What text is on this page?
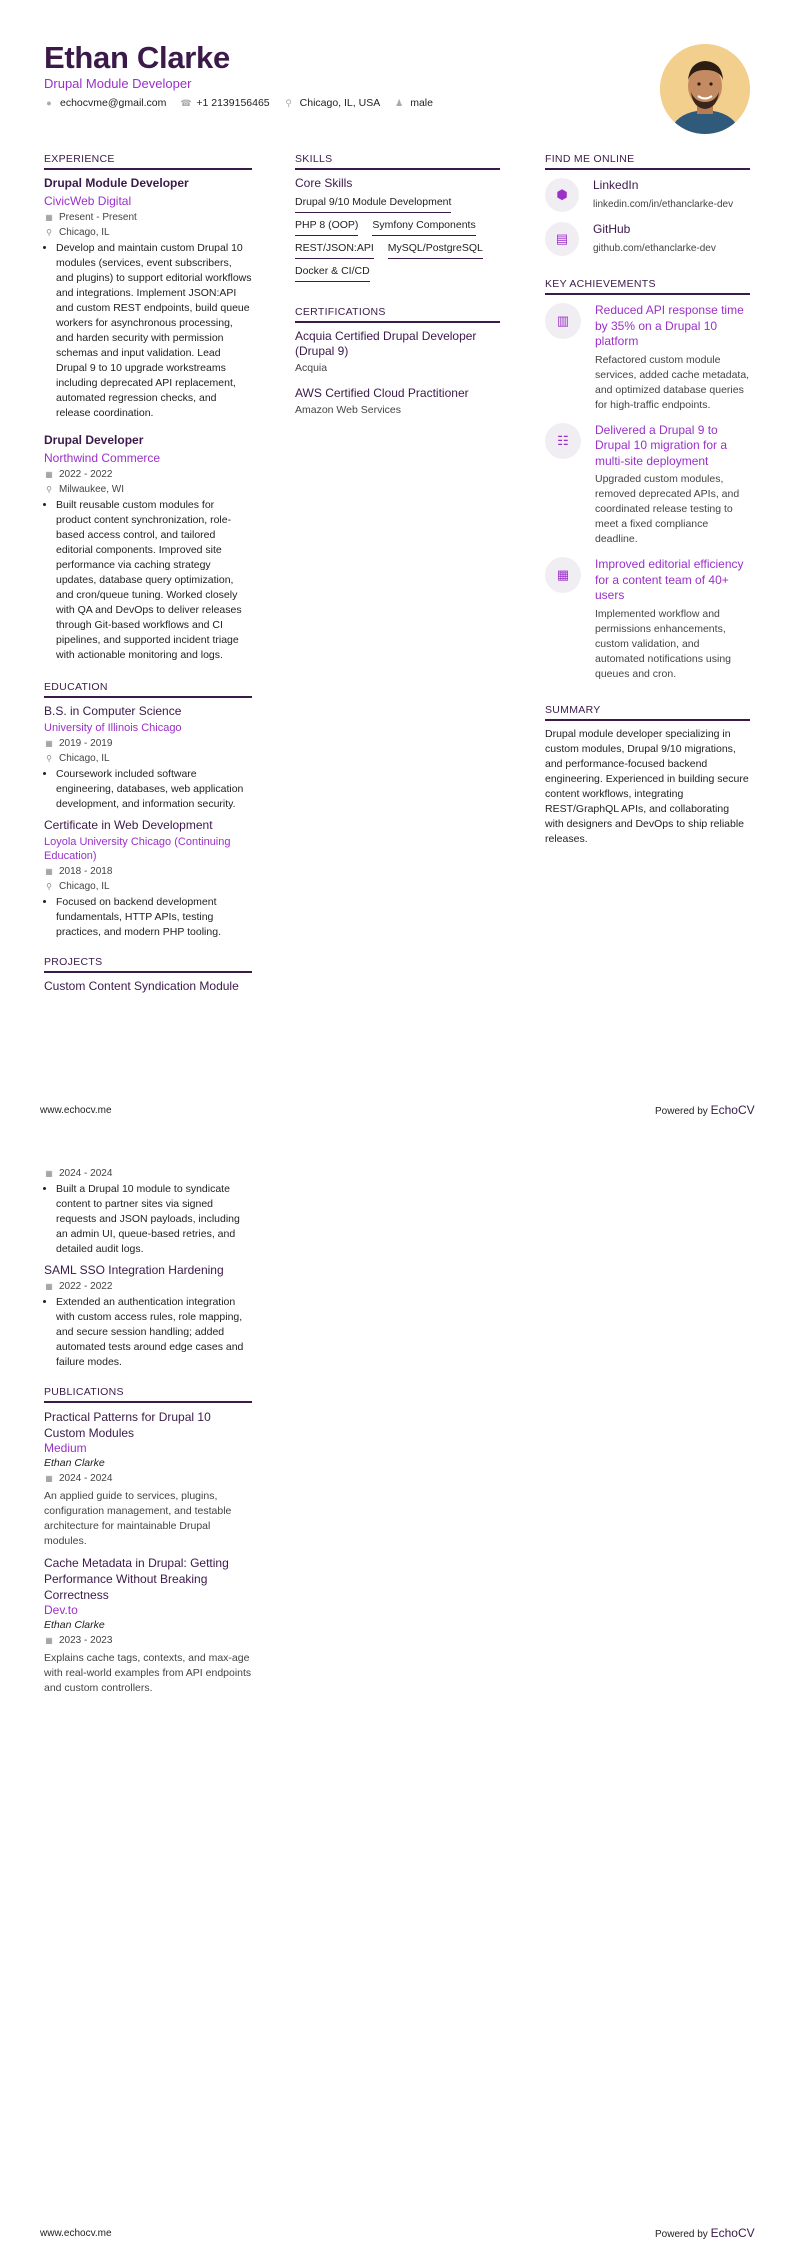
Ethan Clarke
Drupal Module Developer
● echocvme@gmail.com ☎ +1 2139156465 ⚲ Chicago, IL, USA ♟ male
EXPERIENCE
Drupal Module Developer
CivicWeb Digital
▦ Present - Present
⚲ Chicago, IL
• Develop and maintain custom Drupal 10 modules (services, event subscribers, and plugins) to support editorial workflows and integrations. Implement JSON:API and custom REST endpoints, build queue workers for asynchronous processing, and harden security with permission schemas and input validation. Lead Drupal 9 to 10 upgrade workstreams including deprecated API replacement, automated regression checks, and release coordination.
Drupal Developer
Northwind Commerce
▦ 2022 - 2022
⚲ Milwaukee, WI
• Built reusable custom modules for product content synchronization, role-based access control, and tailored editorial components. Improved site performance via caching strategy updates, database query optimization, and cron/queue tuning. Worked closely with QA and DevOps to deliver releases through Git-based workflows and CI pipelines, and supported incident triage with actionable monitoring and logs.
EDUCATION
B.S. in Computer Science
University of Illinois Chicago
▦ 2019 - 2019
⚲ Chicago, IL
• Coursework included software engineering, databases, web application development, and information security.
Certificate in Web Development
Loyola University Chicago (Continuing Education)
▦ 2018 - 2018
⚲ Chicago, IL
• Focused on backend development fundamentals, HTTP APIs, testing practices, and modern PHP tooling.
PROJECTS
Custom Content Syndication Module
SKILLS
Core Skills
Drupal 9/10 Module Development
PHP 8 (OOP) Symfony Components
REST/JSON:API MySQL/PostgreSQL
Docker & CI/CD
CERTIFICATIONS
Acquia Certified Drupal Developer (Drupal 9)
Acquia
AWS Certified Cloud Practitioner
Amazon Web Services
FIND ME ONLINE
⬢
LinkedIn
linkedin.com/in/ethanclarke-dev
▤
GitHub
github.com/ethanclarke-dev
KEY ACHIEVEMENTS
▥
Reduced API response time by 35% on a Drupal 10 platform
Refactored custom module services, added cache metadata, and optimized database queries for high-traffic endpoints.
☷
Delivered a Drupal 9 to Drupal 10 migration for a multi-site deployment
Upgraded custom modules, removed deprecated APIs, and coordinated release testing to meet a fixed compliance deadline.
▦
Improved editorial efficiency for a content team of 40+ users
Implemented workflow and permissions enhancements, custom validation, and automated notifications using queues and cron.
SUMMARY
Drupal module developer specializing in custom modules, Drupal 9/10 migrations, and performance-focused backend engineering. Experienced in building secure content workflows, integrating REST/GraphQL APIs, and collaborating with designers and DevOps to ship reliable releases.
www.echocv.me	Powered by EchoCV
▦ 2024 - 2024
• Built a Drupal 10 module to syndicate content to partner sites via signed requests and JSON payloads, including an admin UI, queue-based retries, and detailed audit logs.
SAML SSO Integration Hardening
▦ 2022 - 2022
• Extended an authentication integration with custom access rules, role mapping, and secure session handling; added automated tests around edge cases and failure modes.
PUBLICATIONS
Practical Patterns for Drupal 10 Custom Modules
Medium
Ethan Clarke
▦ 2024 - 2024
An applied guide to services, plugins, configuration management, and testable architecture for maintainable Drupal modules.
Cache Metadata in Drupal: Getting Performance Without Breaking Correctness
Dev.to
Ethan Clarke
▦ 2023 - 2023
Explains cache tags, contexts, and max-age with real-world examples from API endpoints and custom controllers.
www.echocv.me	Powered by EchoCV
